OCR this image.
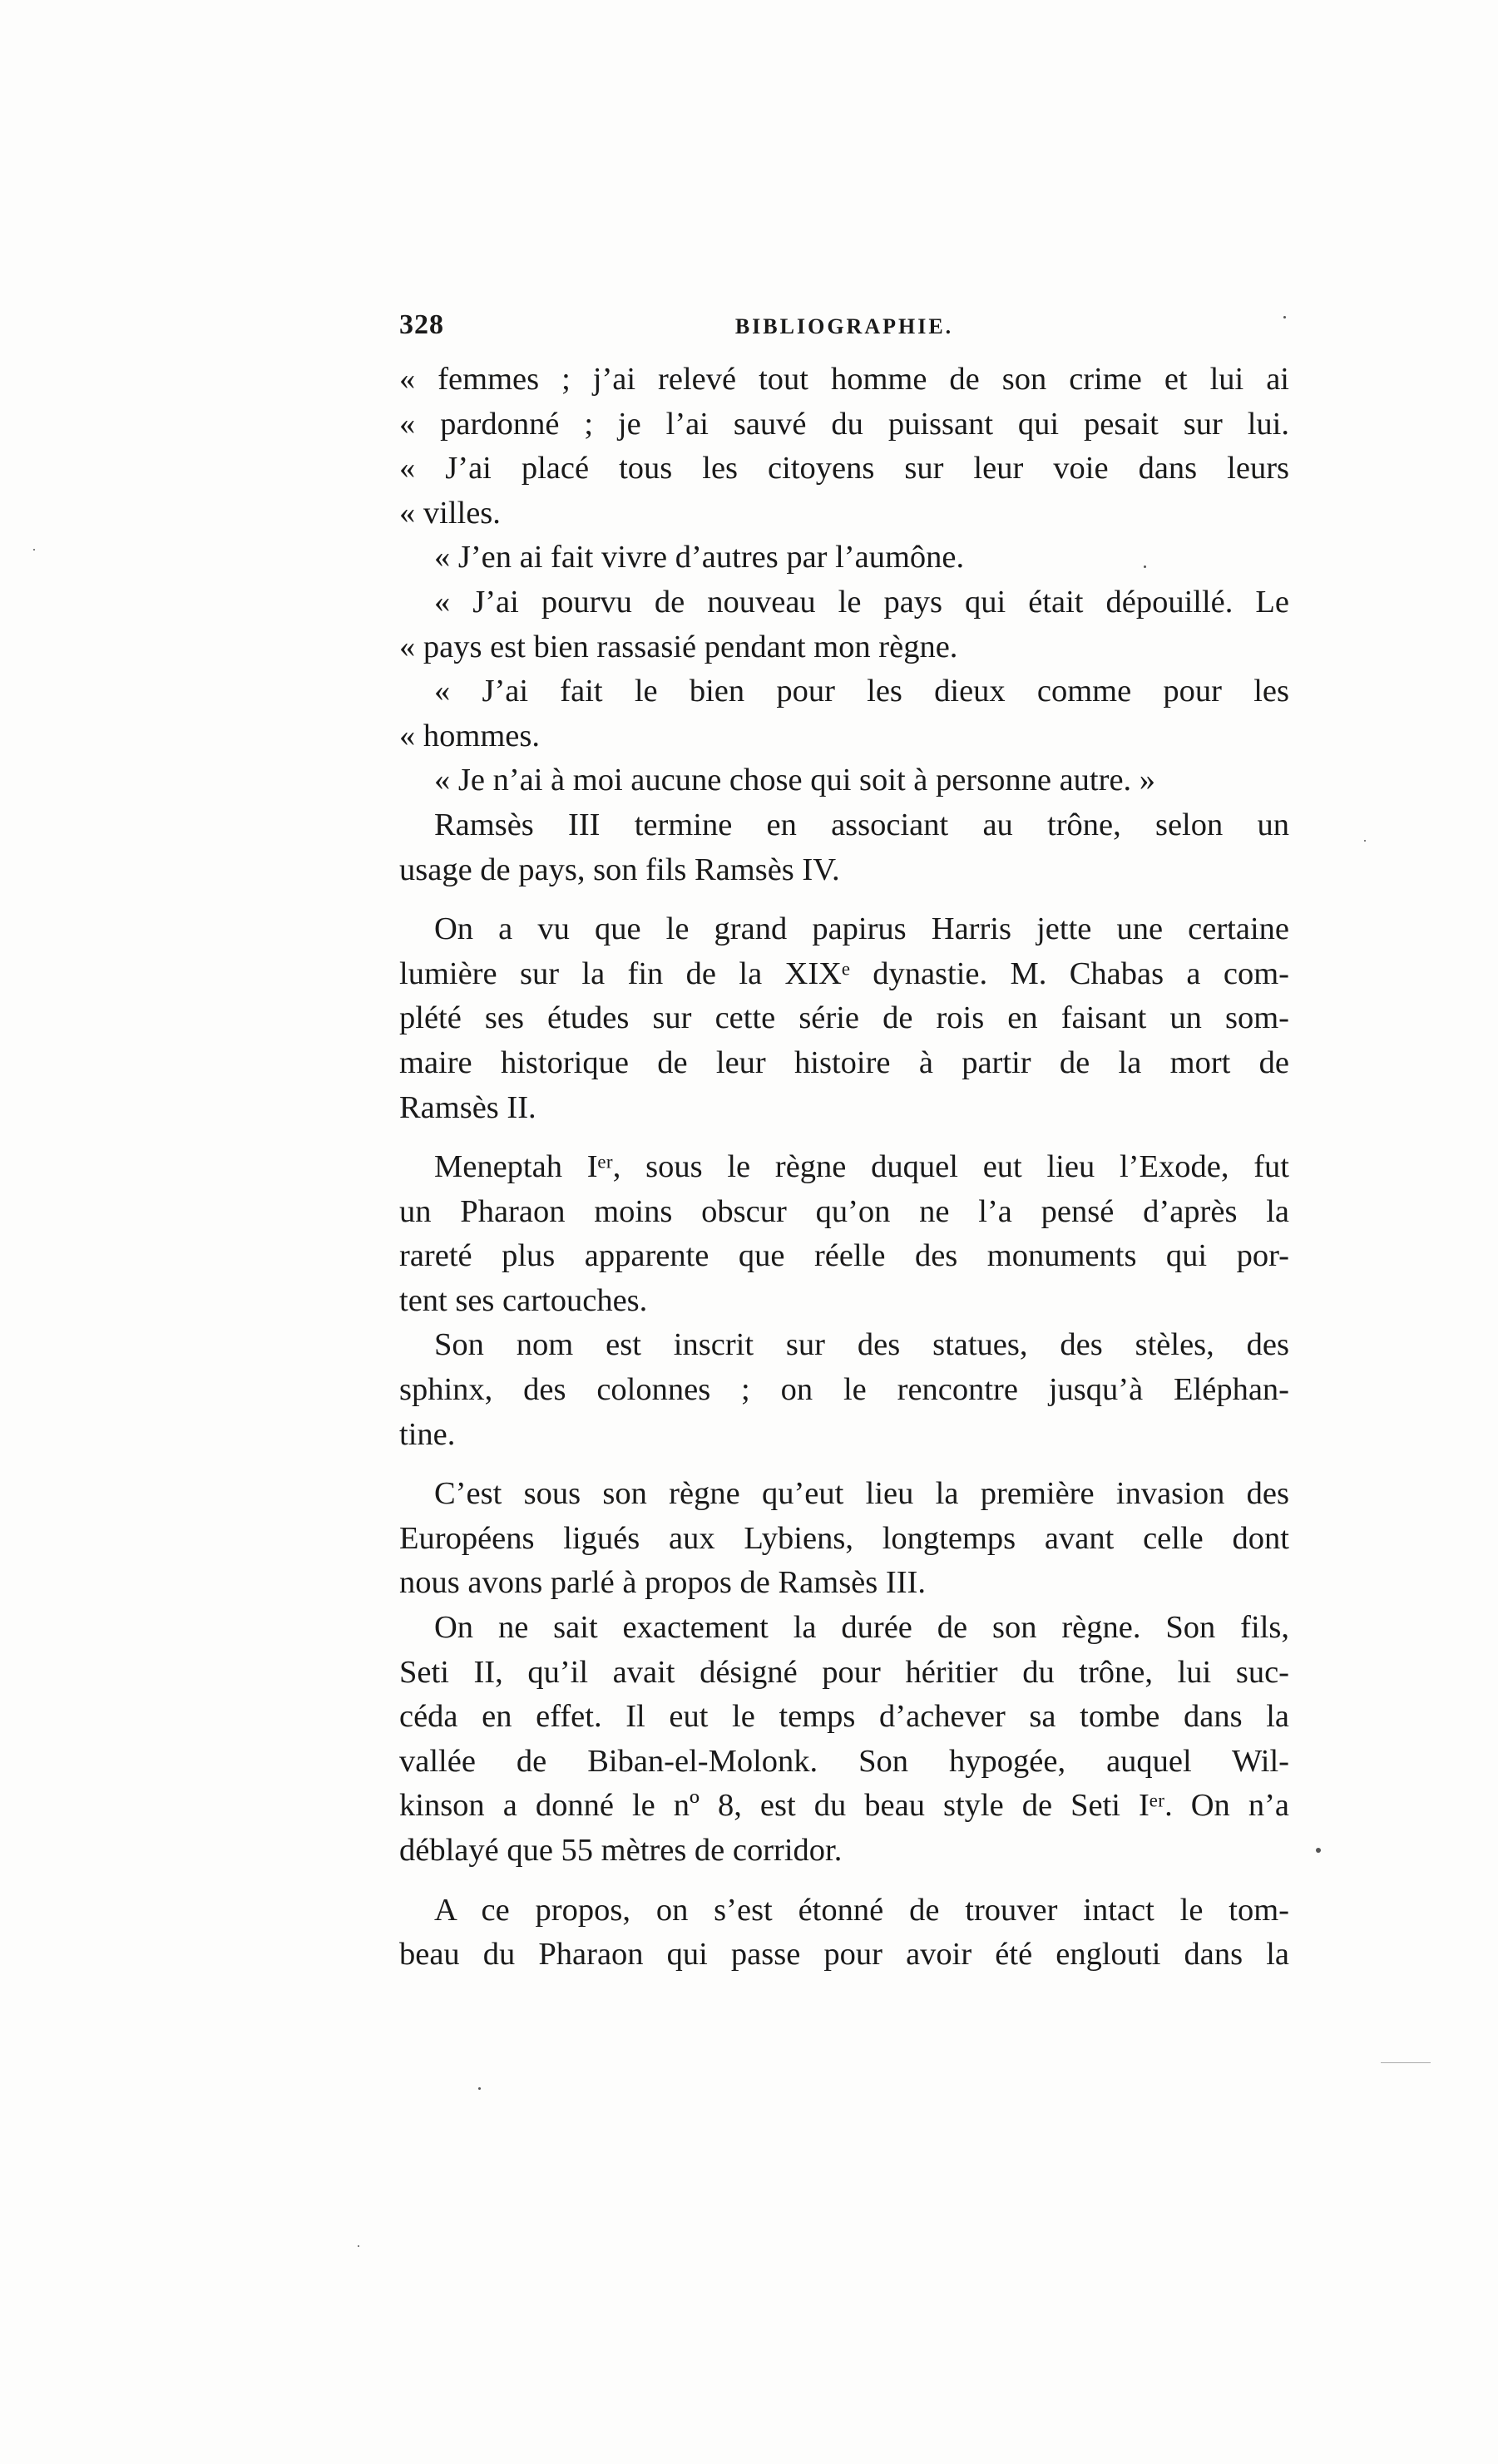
328	BIBLIOGRAPHIE.
« femmes ; j’ai relevé tout homme de son crime et lui ai
« pardonné ; je l’ai sauvé du puissant qui pesait sur lui.
« J’ai placé tous les citoyens sur leur voie dans leurs
« villes.
« J’en ai fait vivre d’autres par l’aumône.
« J’ai pourvu de nouveau le pays qui était dépouillé. Le
« pays est bien rassasié pendant mon règne.
« J’ai fait le bien pour les dieux comme pour les
« hommes.
« Je n’ai à moi aucune chose qui soit à personne autre. »
Ramsès III termine en associant au trône, selon un
usage de pays, son fils Ramsès IV.
On a vu que le grand papirus Harris jette une certaine
lumière sur la fin de la XIXᵉ dynastie. M. Chabas a com-
plété ses études sur cette série de rois en faisant un som-
maire historique de leur histoire à partir de la mort de
Ramsès II.
Meneptah Iᵉʳ, sous le règne duquel eut lieu l’Exode, fut
un Pharaon moins obscur qu’on ne l’a pensé d’après la
rareté plus apparente que réelle des monuments qui por-
tent ses cartouches.
Son nom est inscrit sur des statues, des stèles, des
sphinx, des colonnes ; on le rencontre jusqu’à Eléphan-
tine.
C’est sous son règne qu’eut lieu la première invasion des
Européens ligués aux Lybiens, longtemps avant celle dont
nous avons parlé à propos de Ramsès III.
On ne sait exactement la durée de son règne. Son fils,
Seti II, qu’il avait désigné pour héritier du trône, lui suc-
céda en effet. Il eut le temps d’achever sa tombe dans la
vallée de Biban-el-Molonk. Son hypogée, auquel Wil-
kinson a donné le nº 8, est du beau style de Seti Iᵉʳ. On n’a
déblayé que 55 mètres de corridor.
A ce propos, on s’est étonné de trouver intact le tom-
beau du Pharaon qui passe pour avoir été englouti dans la
